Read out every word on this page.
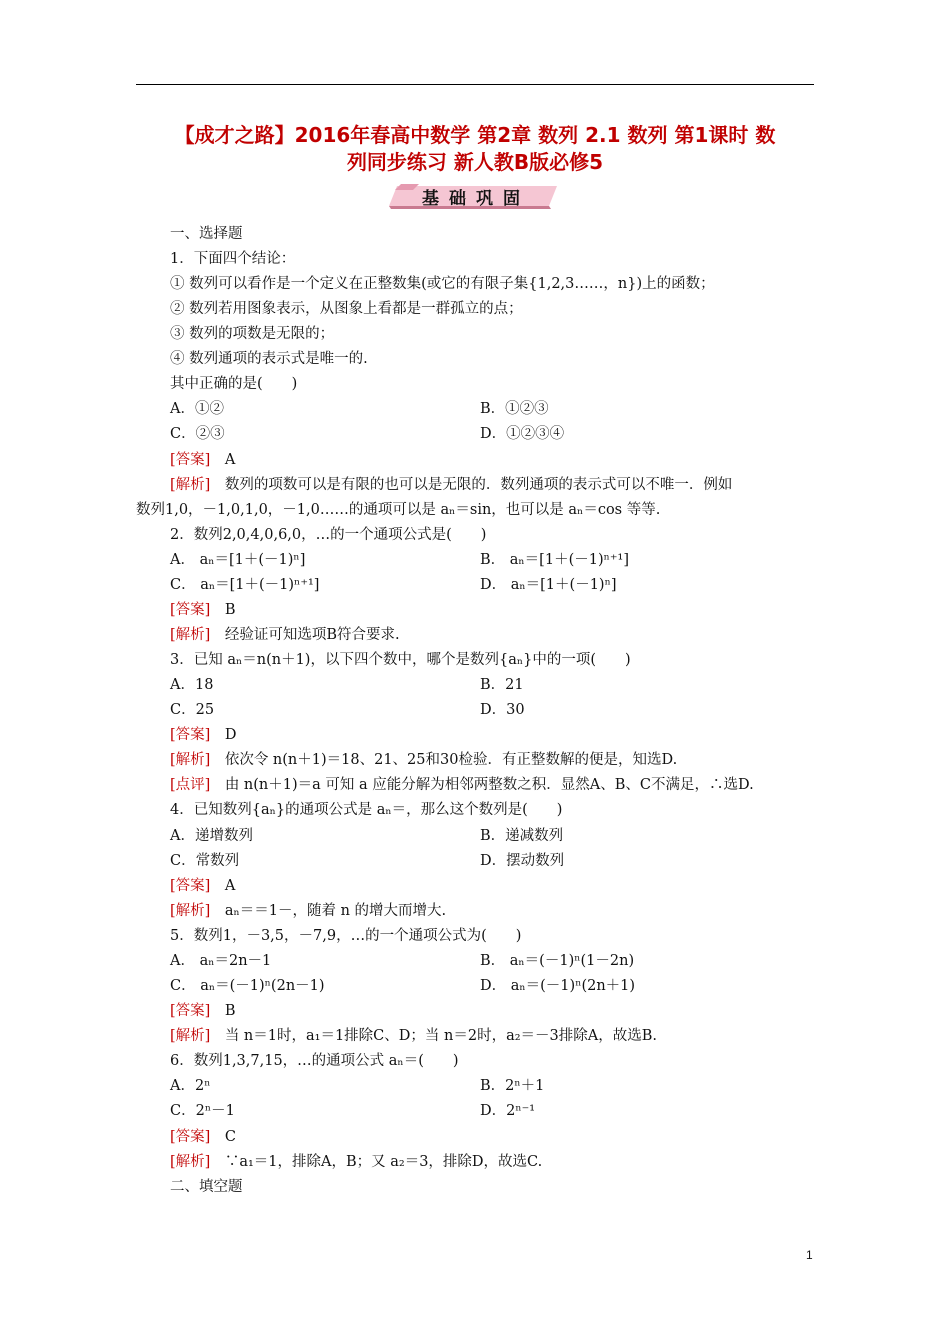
【成才之路】2016年春高中数学 第2章 数列 2.1 数列 第1课时 数
列同步练习 新人教B版必修5
基础巩固
一、选择题
1．下面四个结论：
① 数列可以看作是一个定义在正整数集(或它的有限子集{1,2,3……，n})上的函数；
② 数列若用图象表示，从图象上看都是一群孤立的点；
③ 数列的项数是无限的；
④ 数列通项的表示式是唯一的.
其中正确的是(　　)
A．①②	B．①②③
C．②③	D．①②③④
[答案]　 A
[解析]　 数列的项数可以是有限的也可以是无限的．数列通项的表示式可以不唯一．例如
数列1,0，－1,0,1,0，－1,0……的通项可以是 aₙ＝sin，也可以是 aₙ＝cos 等等.
2．数列2,0,4,0,6,0，…的一个通项公式是(　　)
A． aₙ＝[1＋(－1)ⁿ]	B． aₙ＝[1＋(－1)ⁿ⁺¹]
C． aₙ＝[1＋(－1)ⁿ⁺¹]	D． aₙ＝[1＋(－1)ⁿ]
[答案]　 B
[解析]　 经验证可知选项B符合要求.
3．已知 aₙ＝n(n＋1)，以下四个数中，哪个是数列{aₙ}中的一项(　　)
A．18	B．21
C．25	D．30
[答案]　 D
[解析]　 依次令 n(n＋1)＝18、21、25和30检验．有正整数解的便是，知选D.
[点评]　 由 n(n＋1)＝a 可知 a 应能分解为相邻两整数之积．显然A、B、C不满足，∴选D.
4．已知数列{aₙ}的通项公式是 aₙ＝，那么这个数列是(　　)
A．递增数列	B．递减数列
C．常数列	D．摆动数列
[答案]　 A
[解析]　 aₙ＝＝1－，随着 n 的增大而增大.
5．数列1，－3,5，－7,9，…的一个通项公式为(　　)
A． aₙ＝2n－1	B． aₙ＝(－1)ⁿ(1－2n)
C． aₙ＝(－1)ⁿ(2n－1)	D． aₙ＝(－1)ⁿ(2n＋1)
[答案]　 B
[解析]　 当 n＝1时，a₁＝1排除C、D；当 n＝2时，a₂＝－3排除A，故选B.
6．数列1,3,7,15，…的通项公式 aₙ＝(　　)
A．2ⁿ	B．2ⁿ＋1
C．2ⁿ－1	D．2ⁿ⁻¹
[答案]　 C
[解析]　 ∵a₁＝1，排除A，B；又 a₂＝3，排除D，故选C.
二、填空题
1
